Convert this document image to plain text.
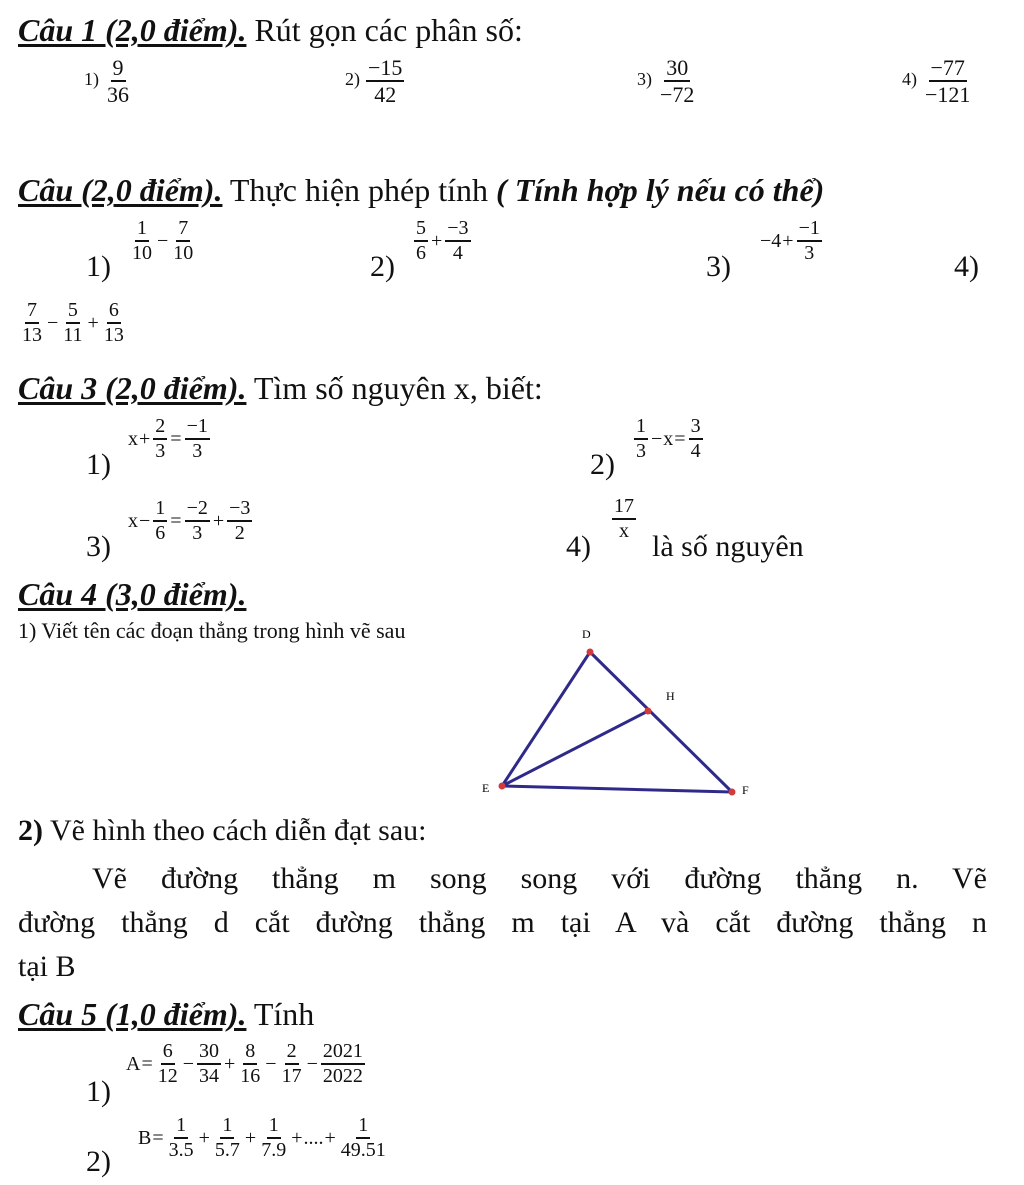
Câu 1 (2,0 điểm). Rút gọn các phân số:
$1) \frac{9}{36}$	$2) \frac{-15}{42}$	$3) \frac{30}{-72}$	$4) \frac{-77}{-121}$
Câu (2,0 điểm). Thực hiện phép tính ( Tính hợp lý nếu có thể)
1)
$\frac{1}{10} - \frac{7}{10}$
2)
$\frac{5}{6} + \frac{-3}{4}$
3)
$-4 + \frac{-1}{3}$
4)
$\frac{7}{13} - \frac{5}{11} + \frac{6}{13}$
Câu 3 (2,0 điểm). Tìm số nguyên x, biết:
1)
$x + \frac{2}{3} = \frac{-1}{3}$
2)
$\frac{1}{3} - x = \frac{3}{4}$
3)
$x - \frac{1}{6} = \frac{-2}{3} + \frac{-3}{2}$
4)
$\frac{17}{x}$
là số nguyên
Câu 4 (3,0 điểm).
1) Viết tên các đoạn thẳng trong hình vẽ sau	D
H
E	F
2) Vẽ hình theo cách diễn đạt sau:
Vẽ đường thẳng m song song với đường thẳng n. Vẽ
đường thẳng d cắt đường thẳng m tại A và cắt đường thẳng n
tại B
Câu 5 (1,0 điểm). Tính
1)
$A = \frac{6}{12} - \frac{30}{34} + \frac{8}{16} - \frac{2}{17} - \frac{2021}{2022}$
2)
$B = \frac{1}{3.5} + \frac{1}{5.7} + \frac{1}{7.9}$ + .... + $\frac{1}{49.51}$
